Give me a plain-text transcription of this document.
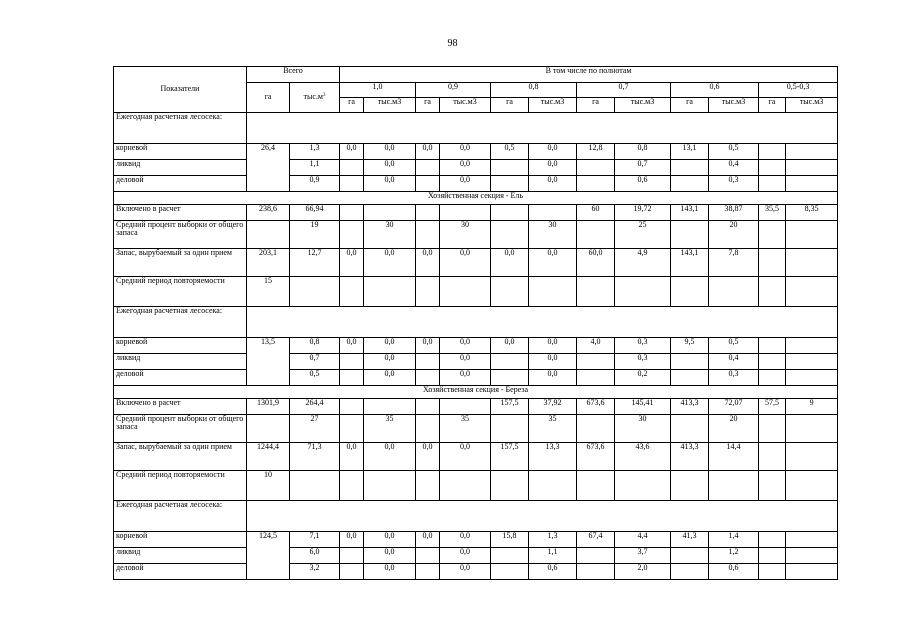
98
Показатели	Всего		В том числе по полнотам											
	га	$тыс.м^3$	1,0		0,9		0,8		0,7		0,6		0,5-0,3	
			га	тыс.м3	га	тыс.м3	га	тыс.м3	га	тыс.м3	га	тыс.м3	га	тыс.м3
Ежегодная расчетная лесосека:														
корневой	26,4	1,3	0,0	0,0	0,0	0,0	0,5	0,0	12,8	0,8	13,1	0,5		
ликвид		1,1		0,0		0,0		0,0		0,7		0,4		
деловой		0,9		0,0		0,0		0,0		0,6		0,3		
Хозяйственная секция - Ель														
Включено в расчет	238,6	66,94							60	19,72	143,1	38,87	35,5	8,35
Средний процент выборки от общего запаса		19		30		30		30		25		20		
Запас, вырубаемый за один прием	203,1	12,7	0,0	0,0	0,0	0,0	0,0	0,0	60,0	4,9	143,1	7,8		
Средний период повторяемости	15													
Ежегодная расчетная лесосека:														
корневой	13,5	0,8	0,0	0,0	0,0	0,0	0,0	0,0	4,0	0,3	9,5	0,5		
ликвид		0,7		0,0		0,0		0,0		0,3		0,4		
деловой		0,5		0,0		0,0		0,0		0,2		0,3		
Хозяйственная секция - Береза														
Включено в расчет	1301,9	264,4					157,5	37,92	673,6	145,41	413,3	72,07	57,5	9
Средний процент выборки от общего запаса		27		35		35		35		30		20		
Запас, вырубаемый за один прием	1244,4	71,3	0,0	0,0	0,0	0,0	157,5	13,3	673,6	43,6	413,3	14,4		
Средний период повторяемости	10													
Ежегодная расчетная лесосека:														
корневой	124,5	7,1	0,0	0,0	0,0	0,0	15,8	1,3	67,4	4,4	41,3	1,4		
ликвид		6,0		0,0		0,0		1,1		3,7		1,2		
деловой		3,2		0,0		0,0		0,6		2,0		0,6		
